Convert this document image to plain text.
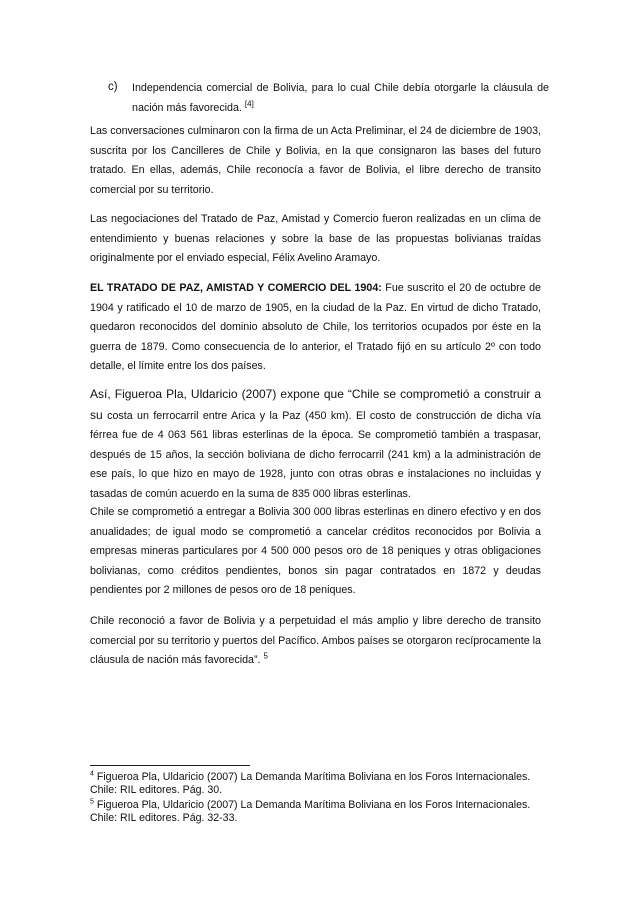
c) Independencia comercial de Bolivia, para lo cual Chile debía otorgarle la cláusula de nación más favorecida. [4]

Las conversaciones culminaron con la firma de un Acta Preliminar, el 24 de diciembre de 1903, suscrita por los Cancilleres de Chile y Bolivia, en la que consignaron las bases del futuro tratado. En ellas, además, Chile reconocía a favor de Bolivia, el libre derecho de transito comercial por su territorio.

Las negociaciones del Tratado de Paz, Amistad y Comercio fueron realizadas en un clima de entendimiento y buenas relaciones y sobre la base de las propuestas bolivianas traídas originalmente por el enviado especial, Félix Avelino Aramayo.

EL TRATADO DE PAZ, AMISTAD Y COMERCIO DEL 1904: Fue suscrito el 20 de octubre de 1904 y ratificado el 10 de marzo de 1905, en la ciudad de la Paz. En virtud de dicho Tratado, quedaron reconocidos del dominio absoluto de Chile, los territorios ocupados por éste en la guerra de 1879. Como consecuencia de lo anterior, el Tratado fijó en su artículo 2º con todo detalle, el límite entre los dos países.

Así, Figueroa Pla, Uldaricio (2007) expone que “Chile se comprometió a construir a su costa un ferrocarril entre Arica y la Paz (450 km). El costo de construcción de dicha vía férrea fue de 4 063 561 libras esterlinas de la época. Se comprometió también a traspasar, después de 15 años, la sección boliviana de dicho ferrocarril (241 km) a la administración de ese país, lo que hizo en mayo de 1928, junto con otras obras e instalaciones no incluidas y tasadas de común acuerdo en la suma de 835 000 libras esterlinas.

Chile se comprometió a entregar a Bolivia 300 000 libras esterlinas en dinero efectivo y en dos anualidades; de igual modo se comprometió a cancelar créditos reconocidos por Bolivia a empresas mineras particulares por 4 500 000 pesos oro de 18 peniques y otras obligaciones bolivianas, como créditos pendientes, bonos sin pagar contratados en 1872 y deudas pendientes por 2 millones de pesos oro de 18 peniques.

Chile reconoció a favor de Bolivia y a perpetuidad el más amplio y libre derecho de transito comercial por su territorio y puertos del Pacífico. Ambos países se otorgaron recíprocamente la cláusula de nación más favorecida”. $^5$

$^4$ Figueroa Pla, Uldaricio (2007) La Demanda Marítima Boliviana en los Foros Internacionales. Chile: RIL editores. Pág. 30.

$^5$ Figueroa Pla, Uldaricio (2007) La Demanda Marítima Boliviana en los Foros Internacionales. Chile: RIL editores. Pág. 32-33.
